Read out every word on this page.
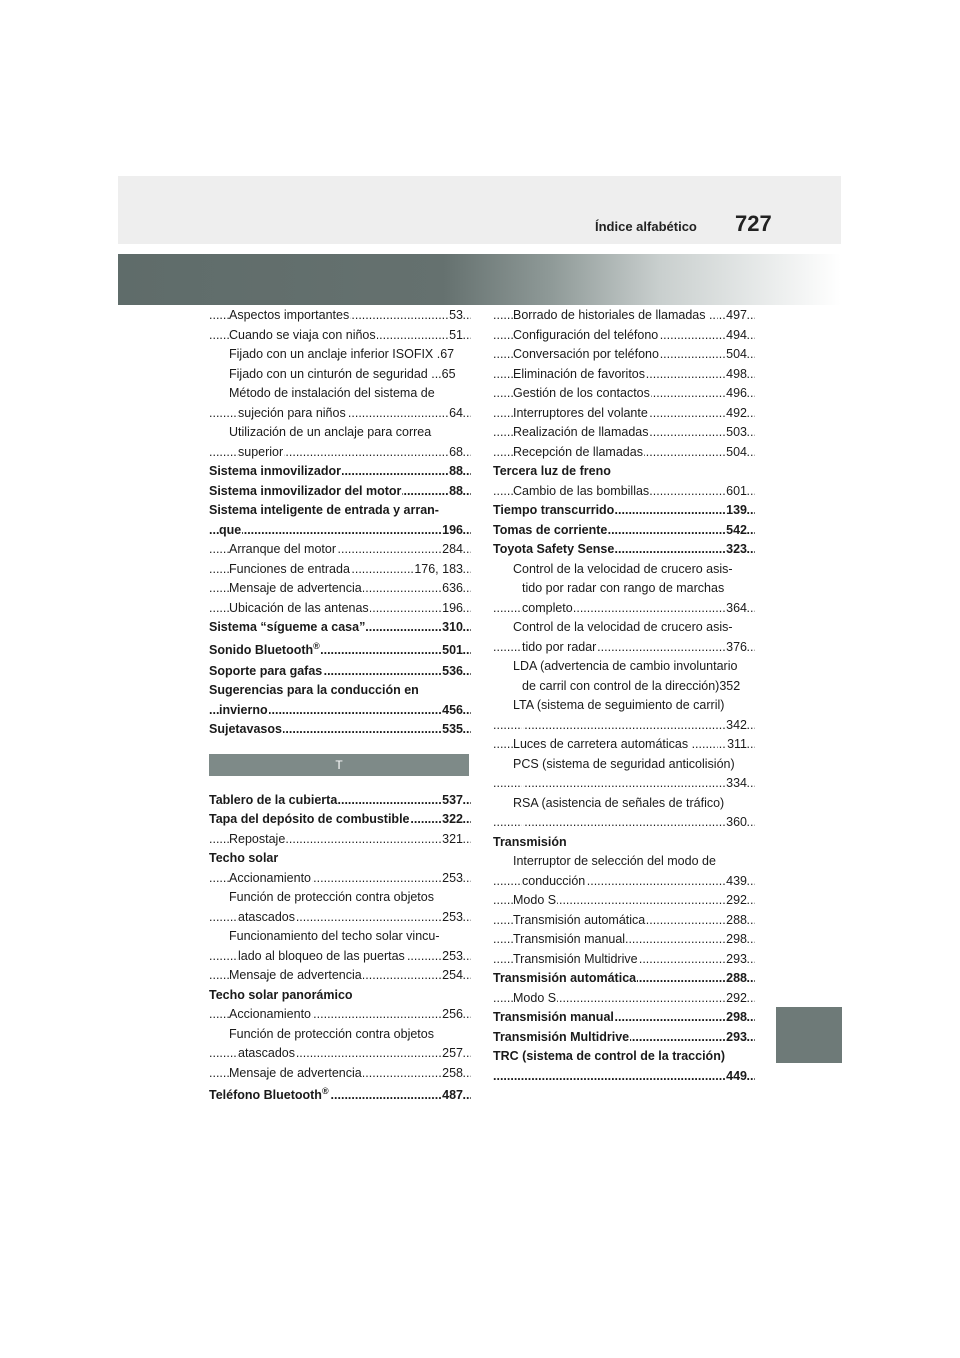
Índice alfabético 727
Aspectos importantes	53
.....
Cuando se viaja con niños	51
.....
Fijado con un anclaje inferior ISOFIX .67
Fijado con un cinturón de seguridad ...65
Método de instalación del sistema de
sujeción para niños	64
.....
Utilización de un anclaje para correa
superior	68
.....
Sistema inmovilizador	88
.....
Sistema inmovilizador del motor	88
.....
Sistema inteligente de entrada y arran-
que	196
.....
Arranque del motor	284
.....
Funciones de entrada	176, 183
.....
Mensaje de advertencia	636
.....
Ubicación de las antenas	196
.....
Sistema “sígueme a casa”	310
.....
Sonido Bluetooth®	501
.....
Soporte para gafas	536
.....
Sugerencias para la conducción en
invierno	456
.....
Sujetavasos	535
.....
T
Tablero de la cubierta	537
.....
Tapa del depósito de combustible	322
.....
Repostaje	321
.....
Techo solar
Accionamiento	253
.....
Función de protección contra objetos
atascados	253
.....
Funcionamiento del techo solar vincu-
lado al bloqueo de las puertas	253
.....
Mensaje de advertencia	254
.....
Techo solar panorámico
Accionamiento	256
.....
Función de protección contra objetos
atascados	257
.....
Mensaje de advertencia	258
.....
Teléfono Bluetooth®	487
.....
Borrado de historiales de llamadas .. 497
.....
Configuración del teléfono	494
.....
Conversación por teléfono	504
.....
Eliminación de favoritos	498
.....
Gestión de los contactos	496
.....
Interruptores del volante	492
.....
Realización de llamadas	503
.....
Recepción de llamadas	504
.....
Tercera luz de freno
Cambio de las bombillas	601
.....
Tiempo transcurrido	139
.....
Tomas de corriente	542
.....
Toyota Safety Sense	323
.....
Control de la velocidad de crucero asis-
tido por radar con rango de marchas
completo	364
.....
Control de la velocidad de crucero asis-
tido por radar	376
.....
LDA (advertencia de cambio involuntario
de carril con control de la dirección)352
LTA (sistema de seguimiento de carril)
342
.....
Luces de carretera automáticas ....... 311
.....
PCS (sistema de seguridad anticolisión)
334
.....
RSA (asistencia de señales de tráfico)
360
.....
Transmisión
Interruptor de selección del modo de
conducción	439
.....
Modo S	292
.....
Transmisión automática	288
.....
Transmisión manual	298
.....
Transmisión Multidrive	293
.....
Transmisión automática	288
.....
Modo S	292
.....
Transmisión manual	298
.....
Transmisión Multidrive	293
.....
TRC (sistema de control de la tracción)
449
.....
